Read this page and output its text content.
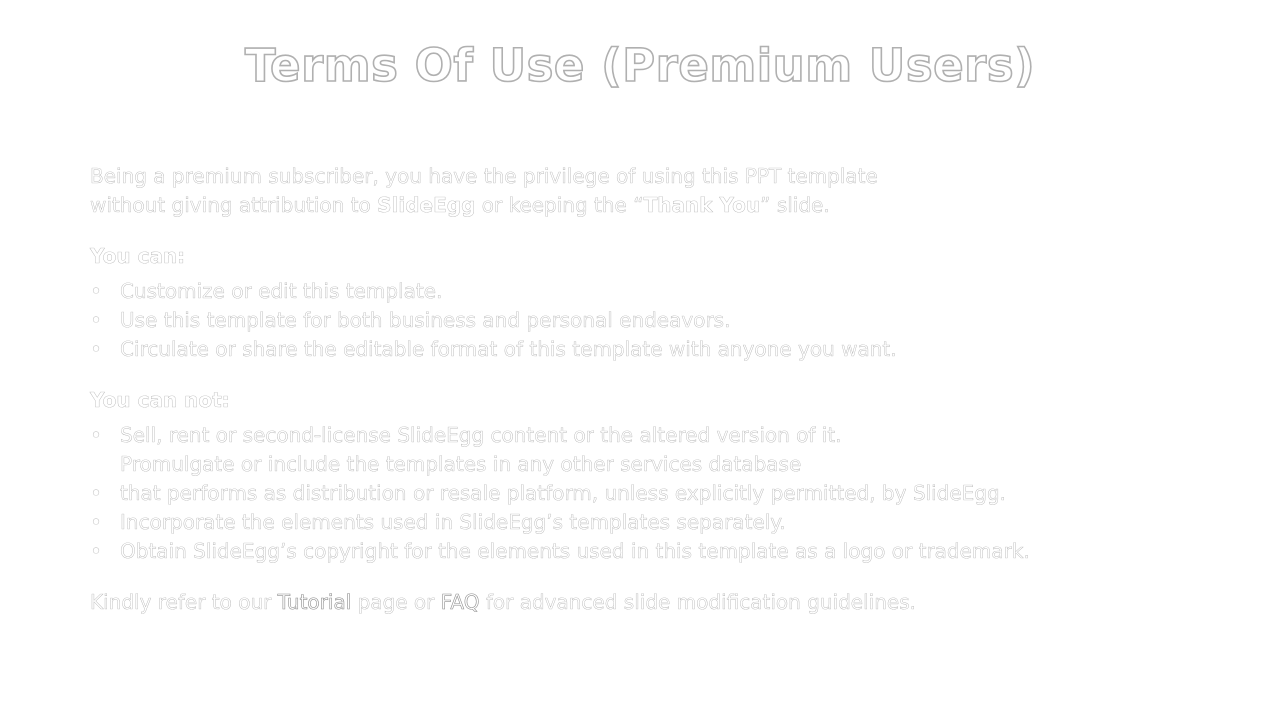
Terms Of Use (Premium Users)

Being a premium subscriber, you have the privilege of using this PPT template
without giving attribution to SlideEgg or keeping the “Thank You” slide.

You can:
• Customize or edit this template.
• Use this template for both business and personal endeavors.
• Circulate or share the editable format of this template with anyone you want.
You can not:
• Sell, rent or second-license SlideEgg content or the altered version of it.
Promulgate or include the templates in any other services database
• that performs as distribution or resale platform, unless explicitly permitted, by SlideEgg.
• Incorporate the elements used in SlideEgg’s templates separately.
• Obtain SlideEgg’s copyright for the elements used in this template as a logo or trademark.
Kindly refer to our Tutorial page or FAQ for advanced slide modification guidelines.
